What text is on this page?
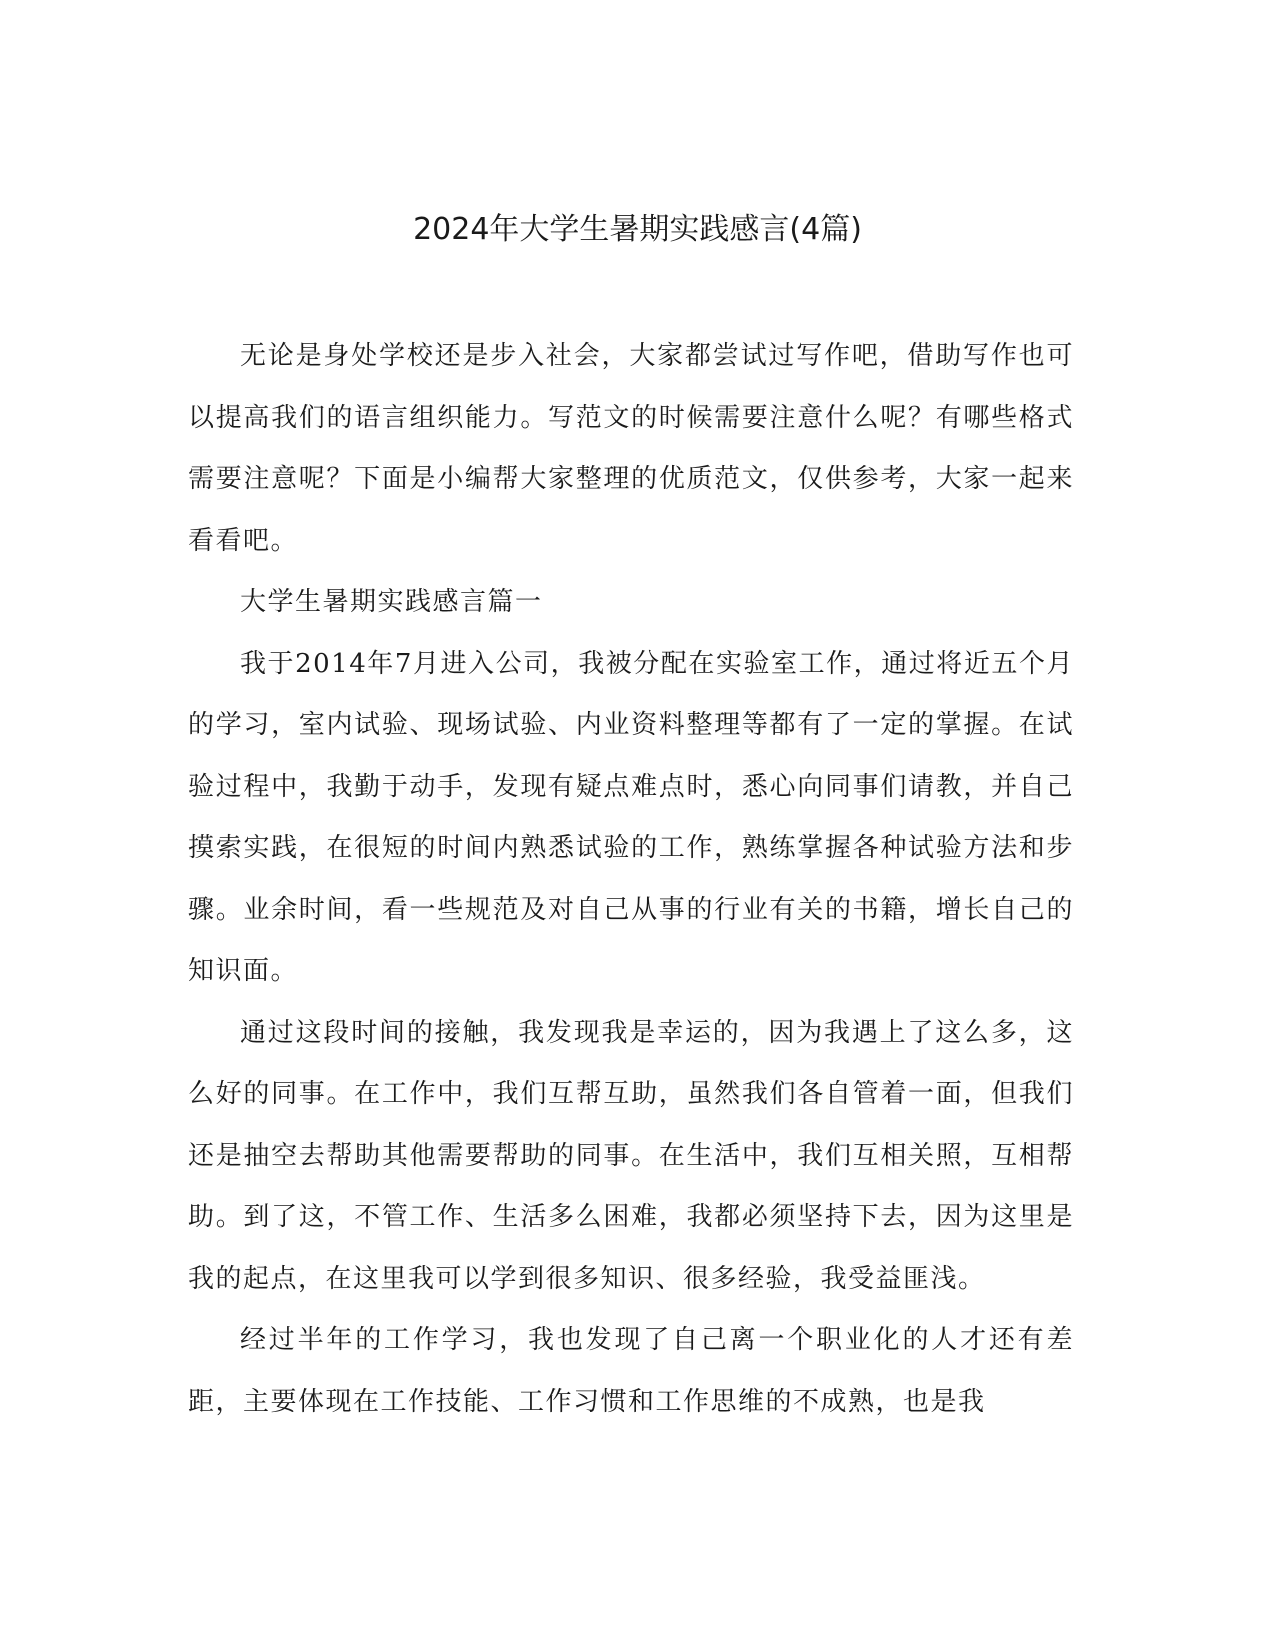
2024年大学生暑期实践感言(4篇)

无论是身处学校还是步入社会，大家都尝试过写作吧，借助写作也可以提高我们的语言组织能力。写范文的时候需要注意什么呢？有哪些格式需要注意呢？下面是小编帮大家整理的优质范文，仅供参考，大家一起来看看吧。

大学生暑期实践感言篇一

我于2014年7月进入公司，我被分配在实验室工作，通过将近五个月的学习，室内试验、现场试验、内业资料整理等都有了一定的掌握。在试验过程中，我勤于动手，发现有疑点难点时，悉心向同事们请教，并自己摸索实践，在很短的时间内熟悉试验的工作，熟练掌握各种试验方法和步骤。业余时间，看一些规范及对自己从事的行业有关的书籍，增长自己的知识面。

通过这段时间的接触，我发现我是幸运的，因为我遇上了这么多，这么好的同事。在工作中，我们互帮互助，虽然我们各自管着一面，但我们还是抽空去帮助其他需要帮助的同事。在生活中，我们互相关照，互相帮助。到了这，不管工作、生活多么困难，我都必须坚持下去，因为这里是我的起点，在这里我可以学到很多知识、很多经验，我受益匪浅。

经过半年的工作学习，我也发现了自己离一个职业化的人才还有差距，主要体现在工作技能、工作习惯和工作思维的不成熟，也是我
